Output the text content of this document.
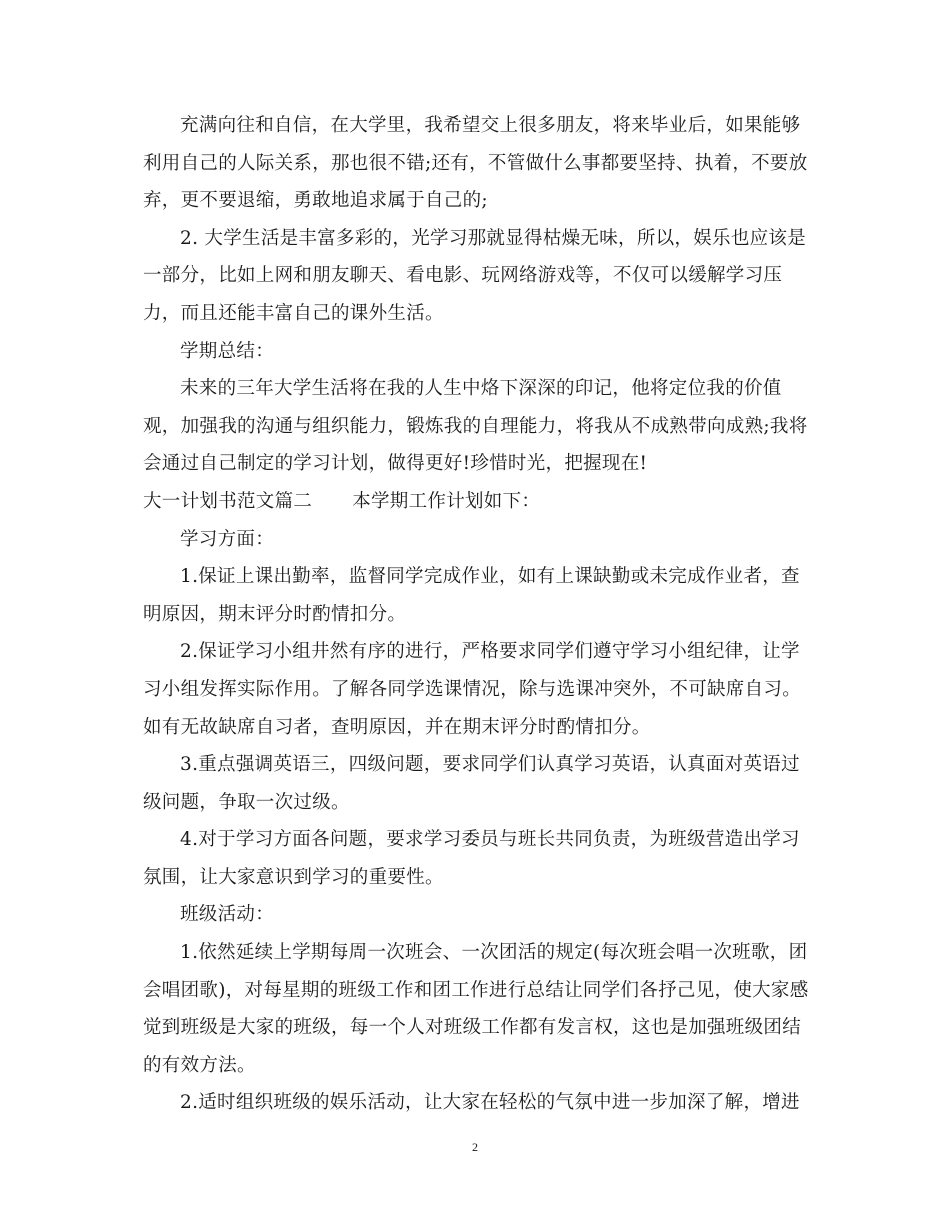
充满向往和自信，在大学里，我希望交上很多朋友，将来毕业后，如果能够
利用自己的人际关系，那也很不错;还有，不管做什么事都要坚持、执着，不要放
弃，更不要退缩，勇敢地追求属于自己的;
2. 大学生活是丰富多彩的，光学习那就显得枯燥无味，所以，娱乐也应该是
一部分，比如上网和朋友聊天、看电影、玩网络游戏等，不仅可以缓解学习压
力，而且还能丰富自己的课外生活。
学期总结：
未来的三年大学生活将在我的人生中烙下深深的印记，他将定位我的价值
观，加强我的沟通与组织能力，锻炼我的自理能力，将我从不成熟带向成熟;我将
会通过自己制定的学习计划，做得更好!珍惜时光，把握现在!
大一计划书范文篇二 本学期工作计划如下：
学习方面：
1.保证上课出勤率，监督同学完成作业，如有上课缺勤或未完成作业者，查
明原因，期末评分时酌情扣分。
2.保证学习小组井然有序的进行，严格要求同学们遵守学习小组纪律，让学
习小组发挥实际作用。了解各同学选课情况，除与选课冲突外，不可缺席自习。
如有无故缺席自习者，查明原因，并在期末评分时酌情扣分。
3.重点强调英语三，四级问题，要求同学们认真学习英语，认真面对英语过
级问题，争取一次过级。
4.对于学习方面各问题，要求学习委员与班长共同负责，为班级营造出学习
氛围，让大家意识到学习的重要性。
班级活动：
1.依然延续上学期每周一次班会、一次团活的规定(每次班会唱一次班歌，团
会唱团歌)，对每星期的班级工作和团工作进行总结让同学们各抒己见，使大家感
觉到班级是大家的班级，每一个人对班级工作都有发言权，这也是加强班级团结
的有效方法。
2.适时组织班级的娱乐活动，让大家在轻松的气氛中进一步加深了解，增进
2
